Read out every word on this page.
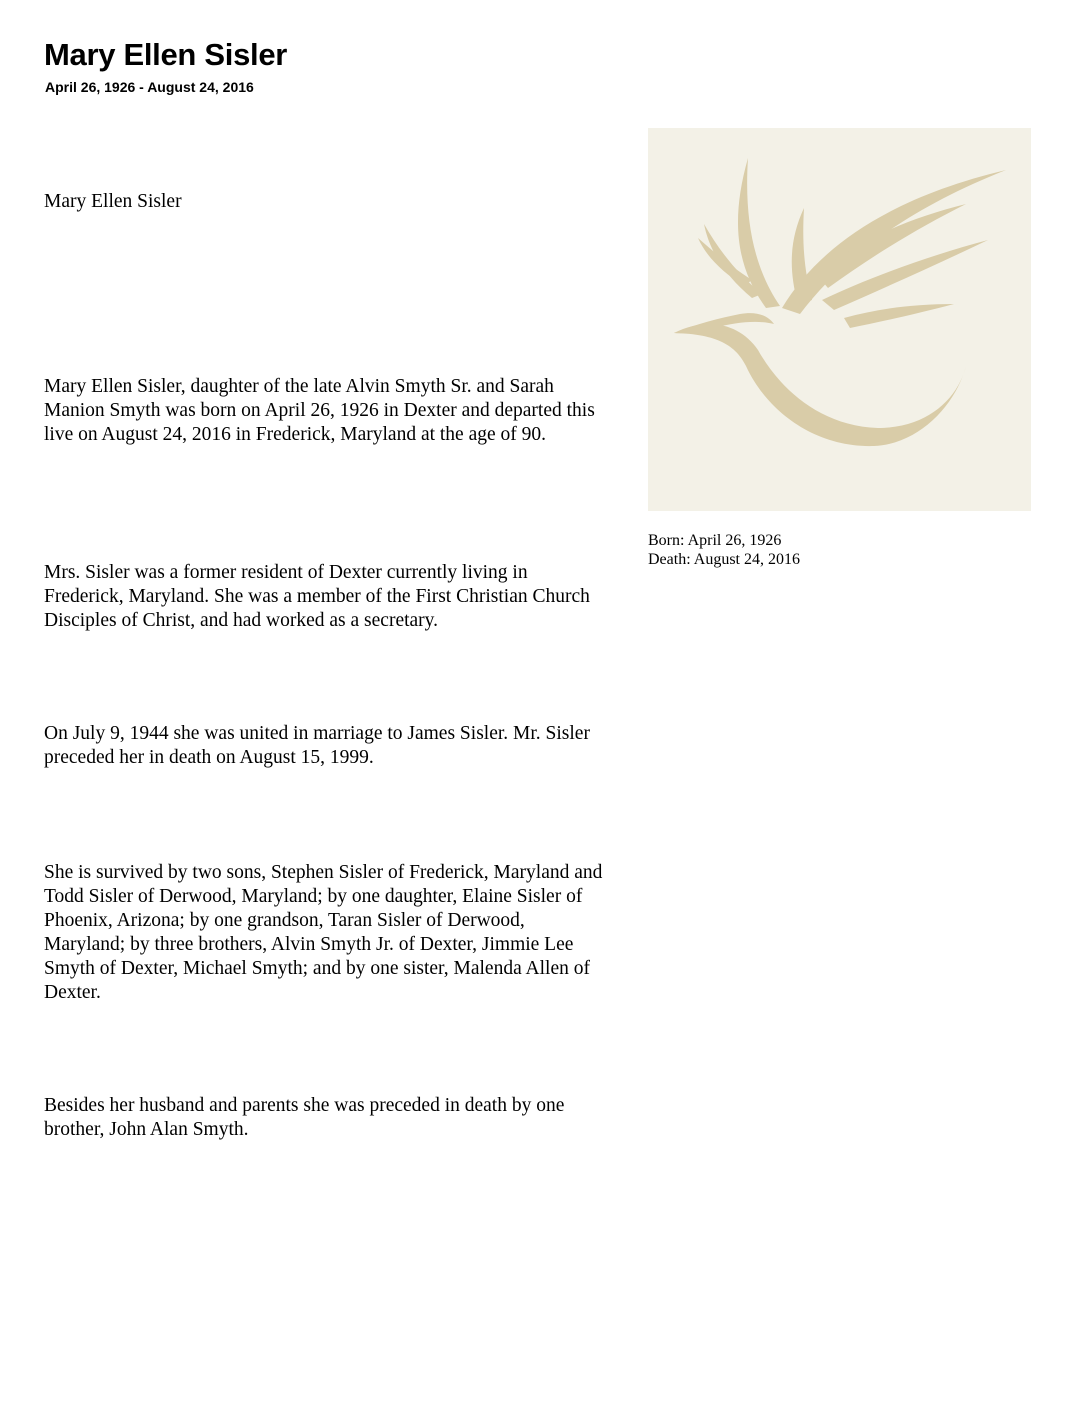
Mary Ellen Sisler
April 26, 1926 - August 24, 2016

Mary Ellen Sisler

Mary Ellen Sisler, daughter of the late Alvin Smyth Sr. and Sarah Manion Smyth was born on April 26, 1926 in Dexter and departed this live on August 24, 2016 in Frederick, Maryland at the age of 90.

Mrs. Sisler was a former resident of Dexter currently living in Frederick, Maryland. She was a member of the First Christian Church Disciples of Christ, and had worked as a secretary.

On July 9, 1944 she was united in marriage to James Sisler. Mr. Sisler preceded her in death on August 15, 1999.

She is survived by two sons, Stephen Sisler of Frederick, Maryland and Todd Sisler of Derwood, Maryland; by one daughter, Elaine Sisler of Phoenix, Arizona; by one grandson, Taran Sisler of Derwood, Maryland; by three brothers, Alvin Smyth Jr. of Dexter, Jimmie Lee Smyth of Dexter, Michael Smyth; and by one sister, Malenda Allen of Dexter.

Besides her husband and parents she was preceded in death by one brother, John Alan Smyth.

Born: April 26, 1926
Death: August 24, 2016
